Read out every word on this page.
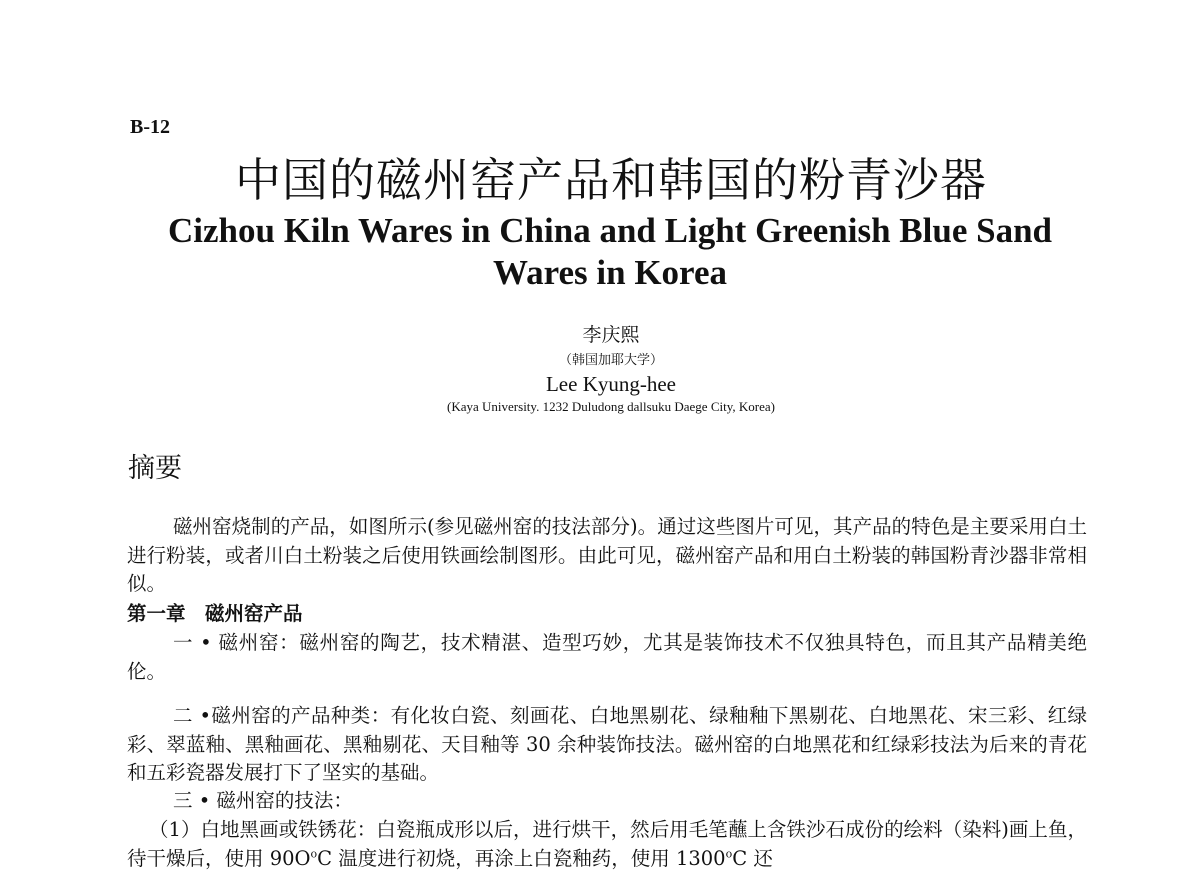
B-12
中国的磁州窑产品和韩国的粉青沙器
Cizhou Kiln Wares in China and Light Greenish Blue Sand Wares in Korea
李庆熙
（韩国加耶大学）
Lee Kyung-hee
(Kaya University. 1232 Duludong dallsuku Daege City, Korea)
摘要
磁州窑烧制的产品，如图所示(参见磁州窑的技法部分)。通过这些图片可见，其产品的特色是主要采用白土进行粉装，或者川白土粉装之后使用铁画绘制图形。由此可见，磁州窑产品和用白土粉装的韩国粉青沙器非常相似。
第一章　磁州窑产品
一 • 磁州窑：磁州窑的陶艺，技术精湛、造型巧妙，尤其是装饰技术不仅独具特色，而且其产品精美绝伦。
二 •磁州窑的产品种类：有化妆白瓷、刻画花、白地黑剔花、绿釉釉下黑剔花、白地黑花、宋三彩、红绿彩、翠蓝釉、黑釉画花、黑釉剔花、天目釉等 30 余种装饰技法。磁州窑的白地黑花和红绿彩技法为后来的青花和五彩瓷器发展打下了坚实的基础。
三 • 磁州窑的技法：
（1）白地黑画或铁锈花：白瓷瓶成形以后，进行烘干，然后用毛笔蘸上含铁沙石成份的绘料（染料)画上鱼，待干燥后，使用 $90O^oC$ 温度进行初烧，再涂上白瓷釉药，使用 1300$^o$C 还
